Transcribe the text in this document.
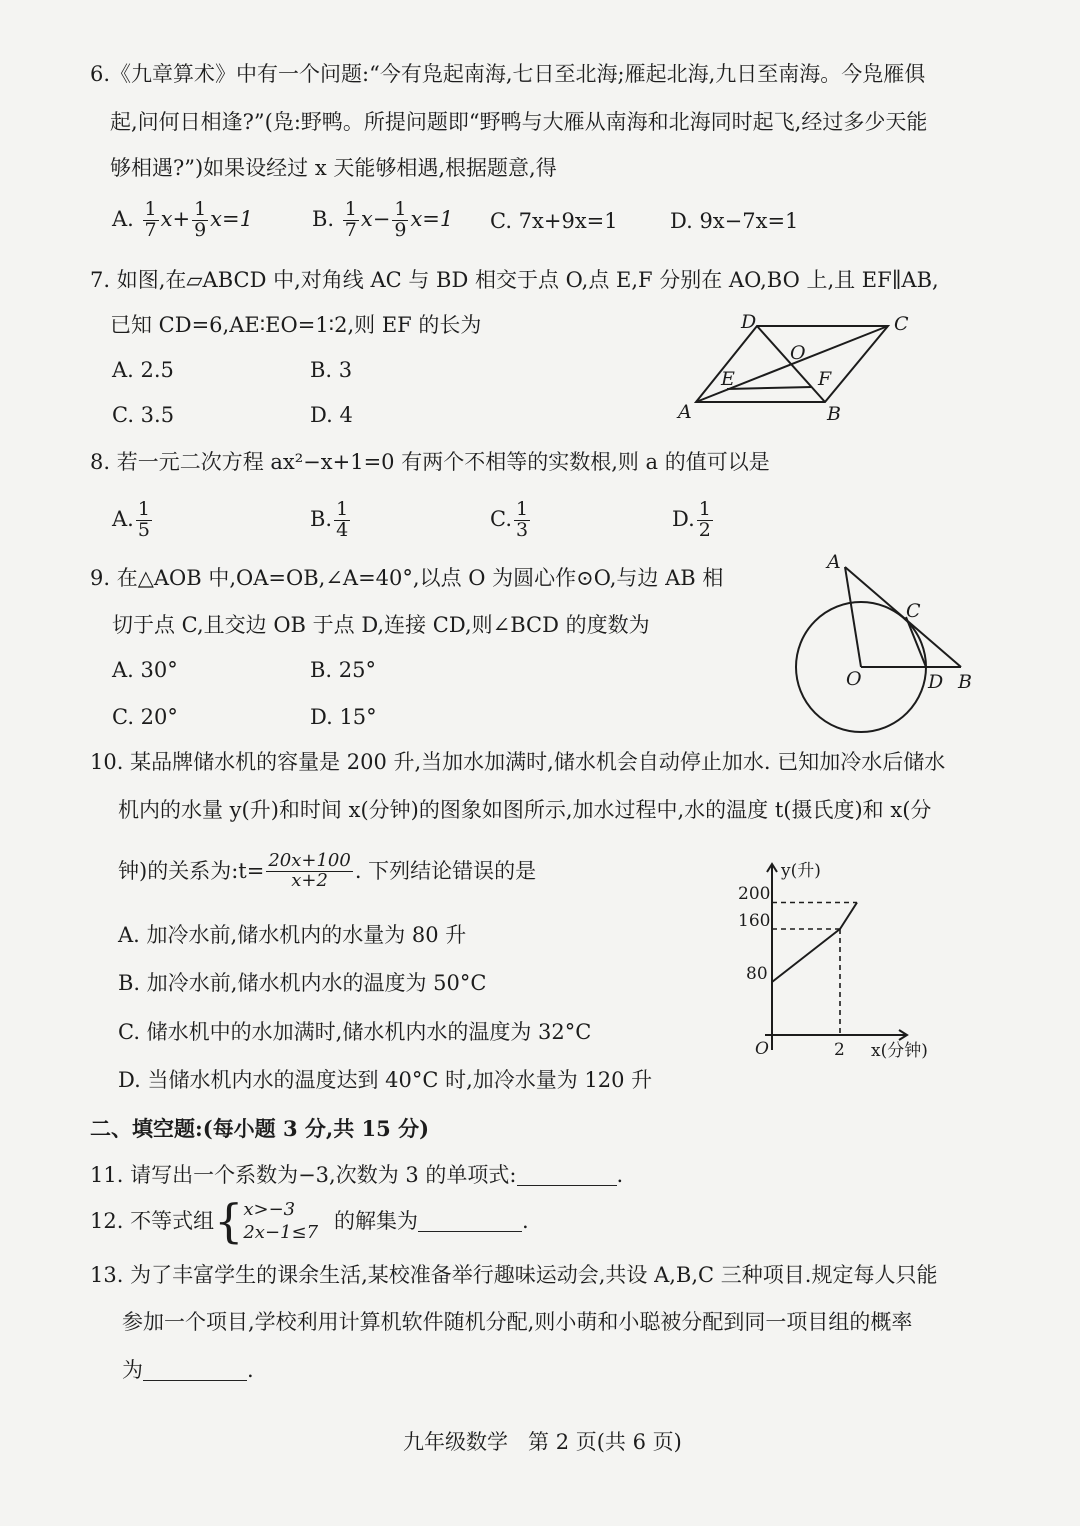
6.《九章算术》中有一个问题:“今有凫起南海,七日至北海;雁起北海,九日至南海。今凫雁俱
起,问何日相逢?”(凫:野鸭。所提问题即“野鸭与大雁从南海和北海同时起飞,经过多少天能
够相遇?”)如果设经过 x 天能够相遇,根据题意,得
A. $\frac{1}{7} x+ \frac{1}{9} x=1$	B. $\frac{1}{7} x- \frac{1}{9} x=1$ C. 7x+9x=1 D. 9x−7x=1
7. 如图,在▱ABCD 中,对角线 AC 与 BD 相交于点 O,点 E,F 分别在 AO,BO 上,且 EF∥AB,
已知 CD=6,AE∶EO=1∶2,则 EF 的长为
A. 2.5	B. 3
C. 3.5	D. 4	A	B
C
D
O
E	F
8. 若一元二次方程 ax²−x+1=0 有两个不相等的实数根,则 a 的值可以是
A. $\frac{1}{5}$	B. $\frac{1}{4}$	C. $\frac{1}{3}$	D. $\frac{1}{2}$
9. 在△AOB 中,OA=OB,∠A=40°,以点 O 为圆心作⊙O,与边 AB 相
切于点 C,且交边 OB 于点 D,连接 CD,则∠BCD 的度数为
A. 30°	B. 25°
C. 20°	D. 15°
A
C
O	D B
10. 某品牌储水机的容量是 200 升,当加水加满时,储水机会自动停止加水. 已知加冷水后储水
机内的水量 y(升)和时间 x(分钟)的图象如图所示,加水过程中,水的温度 t(摄氏度)和 x(分
钟)的关系为:t= $\frac{20x+100}{x+2}$ . 下列结论错误的是
A. 加冷水前,储水机内的水量为 80 升
B. 加冷水前,储水机内水的温度为 50°C
C. 储水机中的水加满时,储水机内水的温度为 32°C
D. 当储水机内水的温度达到 40°C 时,加冷水量为 120 升
y(升)
x(分钟)
O
200
160
80
2
二、填空题:(每小题 3 分,共 15 分)
11. 请写出一个系数为−3,次数为 3 的单项式:	.
12. 不等式组 { x>−3
2x−1≤7 的解集为	.
13. 为了丰富学生的课余生活,某校准备举行趣味运动会,共设 A,B,C 三种项目.规定每人只能
参加一个项目,学校利用计算机软件随机分配,则小萌和小聪被分配到同一项目组的概率
为	.
九年级数学   第 2 页(共 6 页)
